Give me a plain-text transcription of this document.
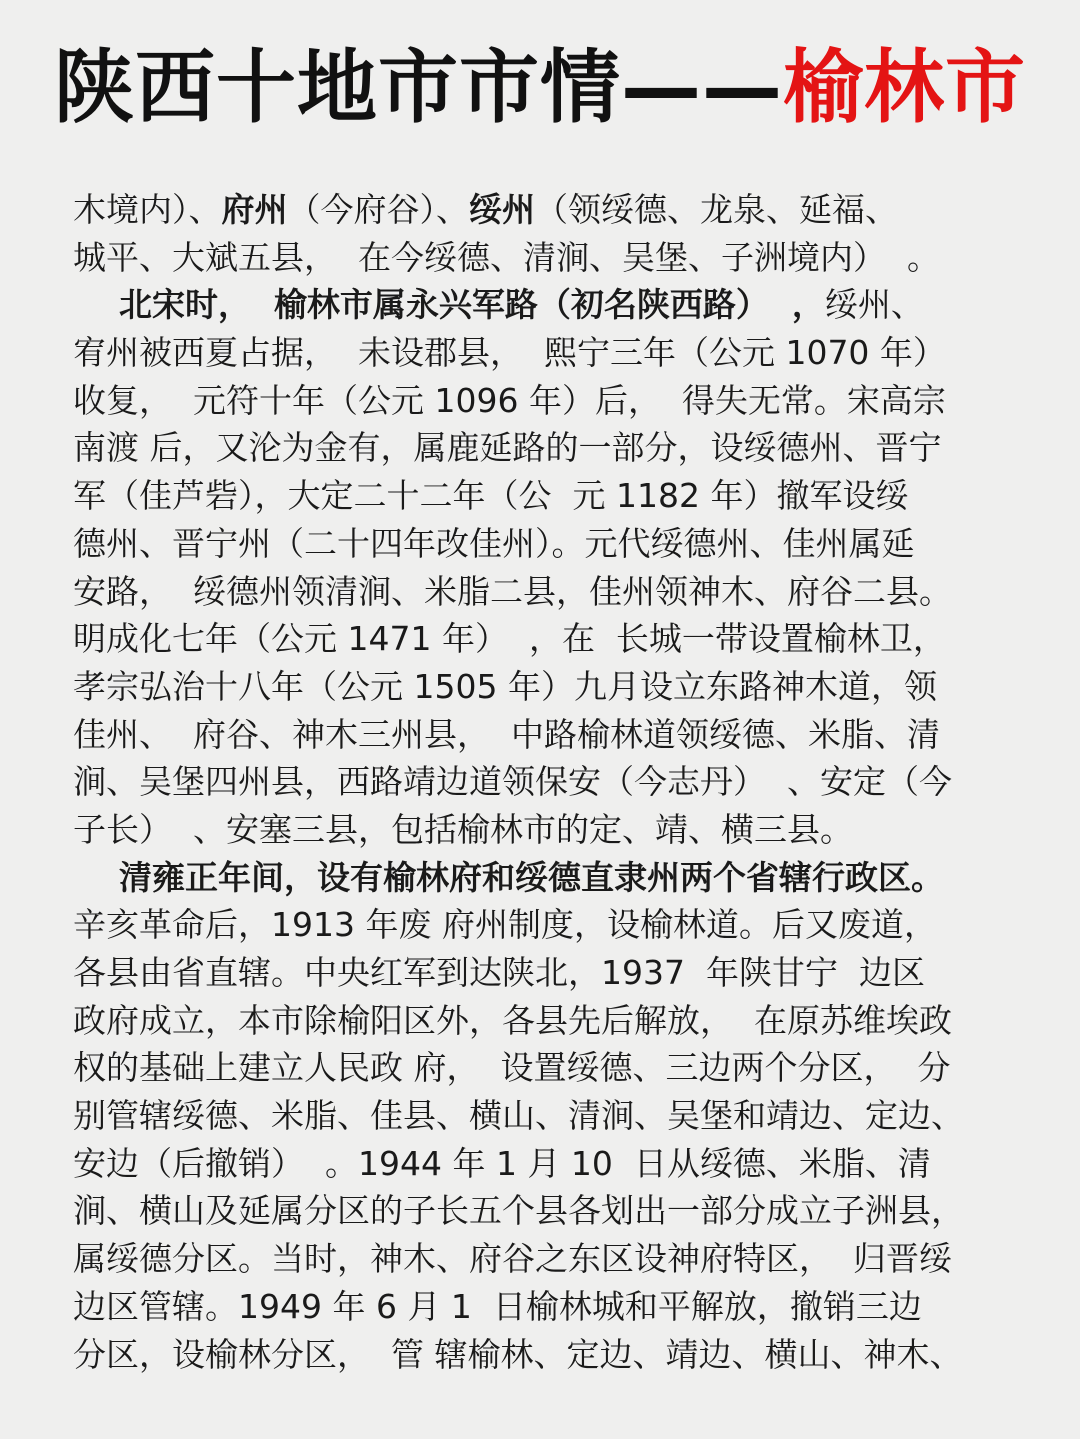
陕西十地市市情——榆林市
木境内）、府州（今府谷）、绥州（领绥德、龙泉、延福、
城平、大斌五县，  在今绥德、清涧、吴堡、子洲境内）  。
北宋时，  榆林市属永兴军路（初名陕西路）  ，绥州、
宥州被西夏占据，  未设郡县，  熙宁三年（公元 1070 年）
收复，  元符十年（公元 1096 年）后，  得失无常。宋高宗
南渡 后，又沦为金有，属鹿延路的一部分，设绥德州、晋宁
军（佳芦砦），大定二十二年（公  元 1182 年）撤军设绥
德州、晋宁州（二十四年改佳州）。元代绥德州、佳州属延
安路，  绥德州领清涧、米脂二县，佳州领神木、府谷二县。
明成化七年（公元 1471 年）  ，在  长城一带设置榆林卫，
孝宗弘治十八年（公元 1505 年）九月设立东路神木道，领
佳州、  府谷、神木三州县，  中路榆林道领绥德、米脂、清
涧、吴堡四州县，西路靖边道领保安（今志丹）  、安定（今
子长）  、安塞三县，包括榆林市的定、靖、横三县。
清雍正年间，设有榆林府和绥德直隶州两个省辖行政区。
辛亥革命后，1913 年废 府州制度，设榆林道。后又废道，
各县由省直辖。中央红军到达陕北，1937  年陕甘宁  边区
政府成立，本市除榆阳区外，各县先后解放，  在原苏维埃政
权的基础上建立人民政 府，  设置绥德、三边两个分区，  分
别管辖绥德、米脂、佳县、横山、清涧、吴堡和靖边、定边、
安边（后撤销）  。1944 年 1 月 10  日从绥德、米脂、清
涧、横山及延属分区的子长五个县各划出一部分成立子洲县，
属绥德分区。当时，神木、府谷之东区设神府特区，  归晋绥
边区管辖。1949 年 6 月 1  日榆林城和平解放，撤销三边
分区，设榆林分区，  管 辖榆林、定边、靖边、横山、神木、
